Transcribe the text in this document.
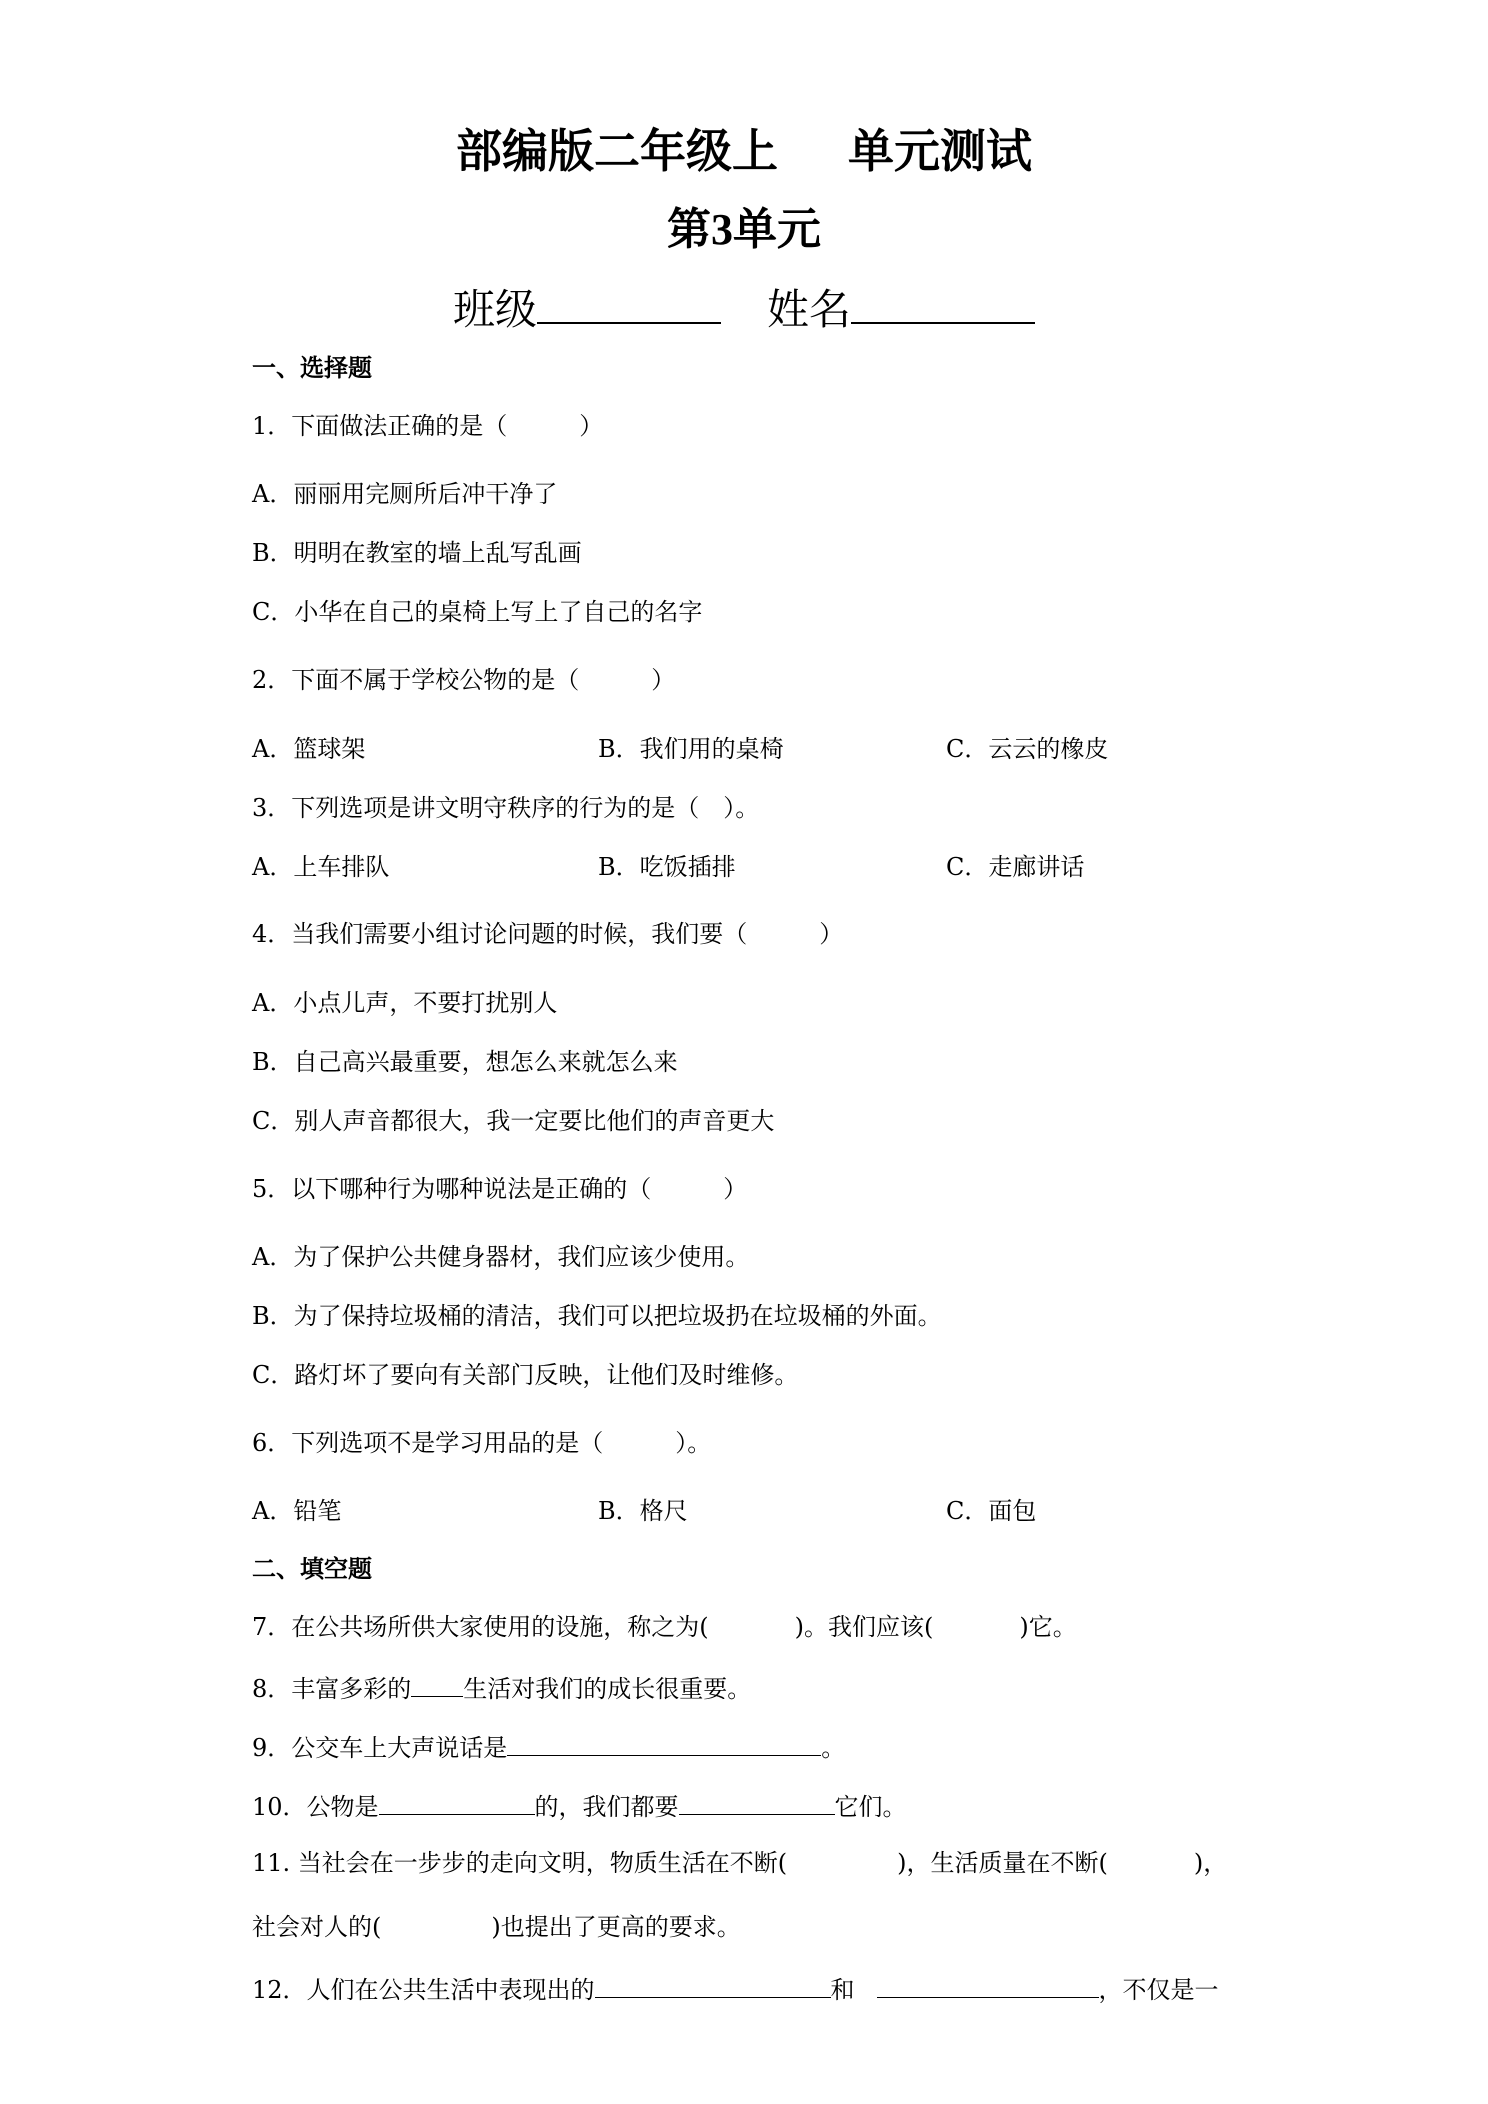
部编版二年级上 单元测试
第3单元
班级	姓名
一、选择题
1．下面做法正确的是（　　　）
A．丽丽用完厕所后冲干净了
B．明明在教室的墙上乱写乱画
C．小华在自己的桌椅上写上了自己的名字
2．下面不属于学校公物的是（　　　）
A．篮球架	B．我们用的桌椅	C．云云的橡皮
3．下列选项是讲文明守秩序的行为的是（　）。
A．上车排队	B．吃饭插排	C．走廊讲话
4．当我们需要小组讨论问题的时候，我们要（　　　）
A．小点儿声，不要打扰别人
B．自己高兴最重要，想怎么来就怎么来
C．别人声音都很大，我一定要比他们的声音更大
5．以下哪种行为哪种说法是正确的（　　　）
A．为了保护公共健身器材，我们应该少使用。
B．为了保持垃圾桶的清洁，我们可以把垃圾扔在垃圾桶的外面。
C．路灯坏了要向有关部门反映，让他们及时维修。
6．下列选项不是学习用品的是（　　　）。
A．铅笔	B．格尺	C．面包
二、填空题
7．在公共场所供大家使用的设施，称之为(	)。我们应该(	)它。
8．丰富多彩的 生活对我们的成长很重要。
9．公交车上大声说话是	。
10．公物是	的，我们都要	它们。
11. 当社会在一步步的走向文明，物质生活在不断(	)，生活质量在不断(	)，
社会对人的(	)也提出了更高的要求。
12．人们在公共生活中表现出的	和	，不仅是一
